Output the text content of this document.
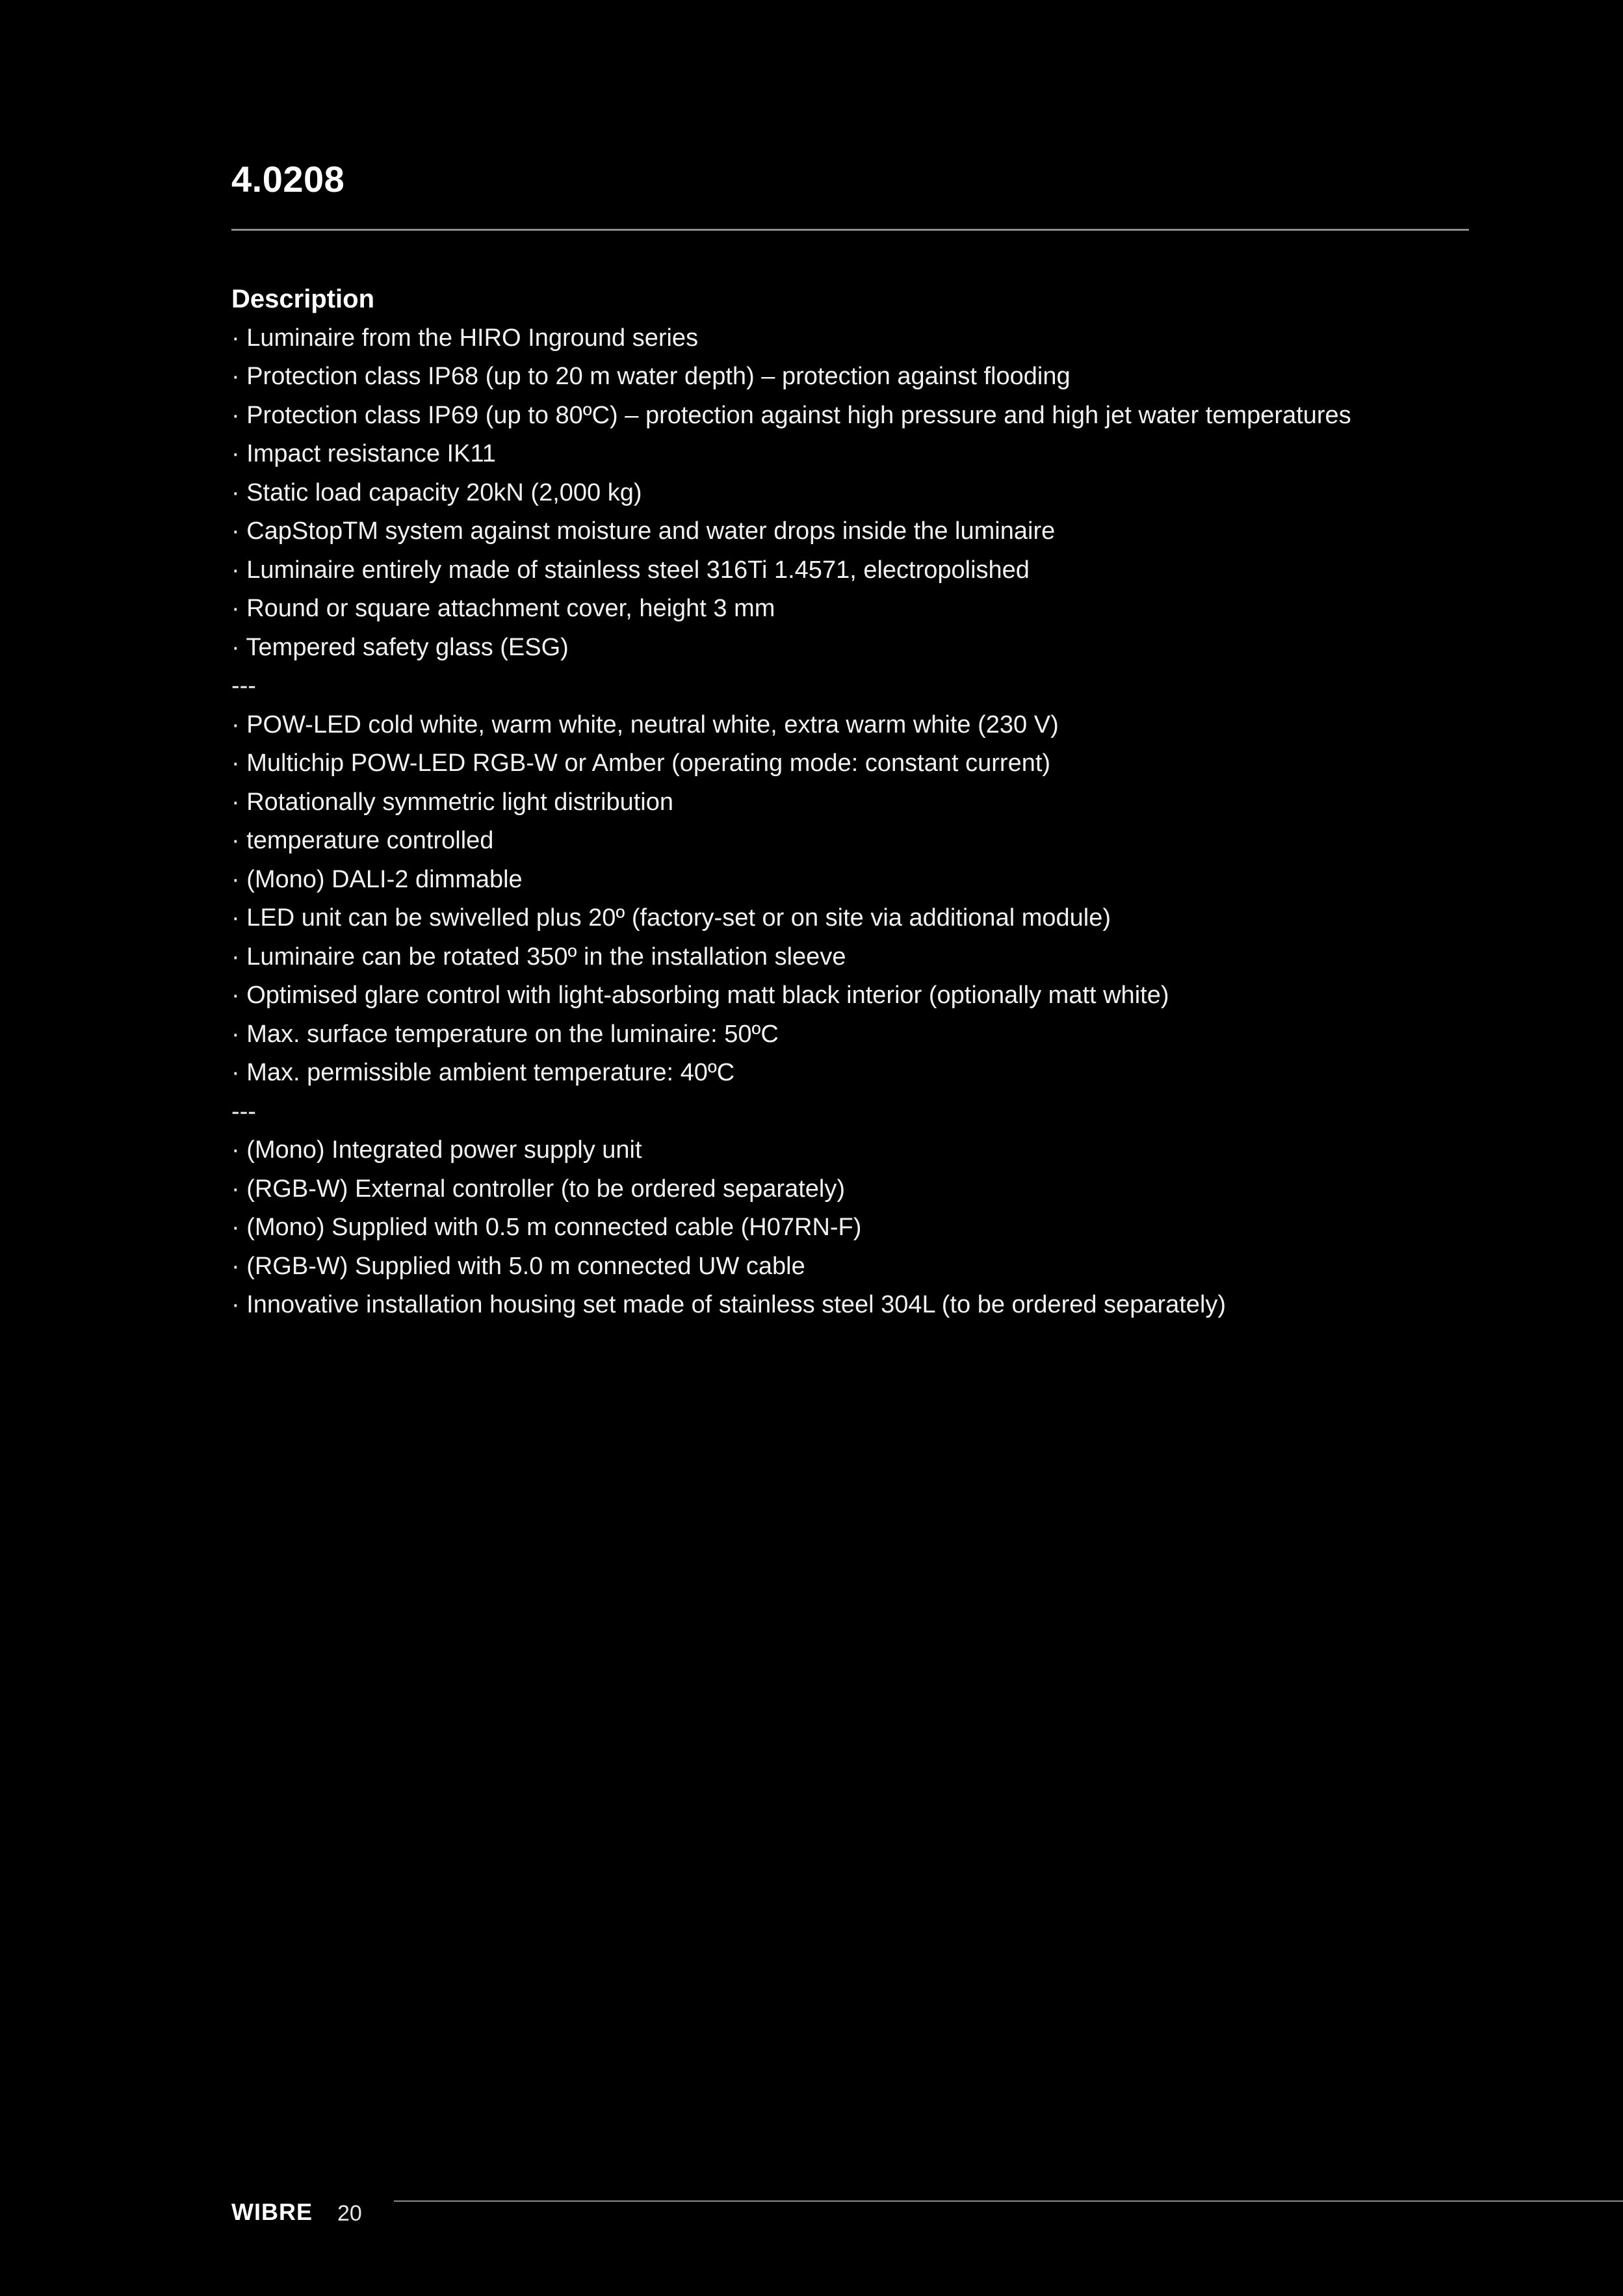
4.0208
Description
· Luminaire from the HIRO Inground series
· Protection class IP68 (up to 20 m water depth) – protection against flooding
· Protection class IP69 (up to 80ºC) – protection against high pressure and high jet water temperatures
· Impact resistance IK11
· Static load capacity 20kN (2,000 kg)
· CapStopTM system against moisture and water drops inside the luminaire
· Luminaire entirely made of stainless steel 316Ti 1.4571, electropolished
· Round or square attachment cover, height 3 mm
· Tempered safety glass (ESG)
---
· POW-LED cold white, warm white, neutral white, extra warm white (230 V)
· Multichip POW-LED RGB-W or Amber (operating mode: constant current)
· Rotationally symmetric light distribution
· temperature controlled
· (Mono) DALI-2 dimmable
· LED unit can be swivelled plus 20º (factory-set or on site via additional module)
· Luminaire can be rotated 350º in the installation sleeve
· Optimised glare control with light-absorbing matt black interior (optionally matt white)
· Max. surface temperature on the luminaire: 50ºC
· Max. permissible ambient temperature: 40ºC
---
· (Mono) Integrated power supply unit
· (RGB-W) External controller (to be ordered separately)
· (Mono) Supplied with 0.5 m connected cable (H07RN-F)
· (RGB-W) Supplied with 5.0 m connected UW cable
· Innovative installation housing set made of stainless steel 304L (to be ordered separately)
WIBRE 20
